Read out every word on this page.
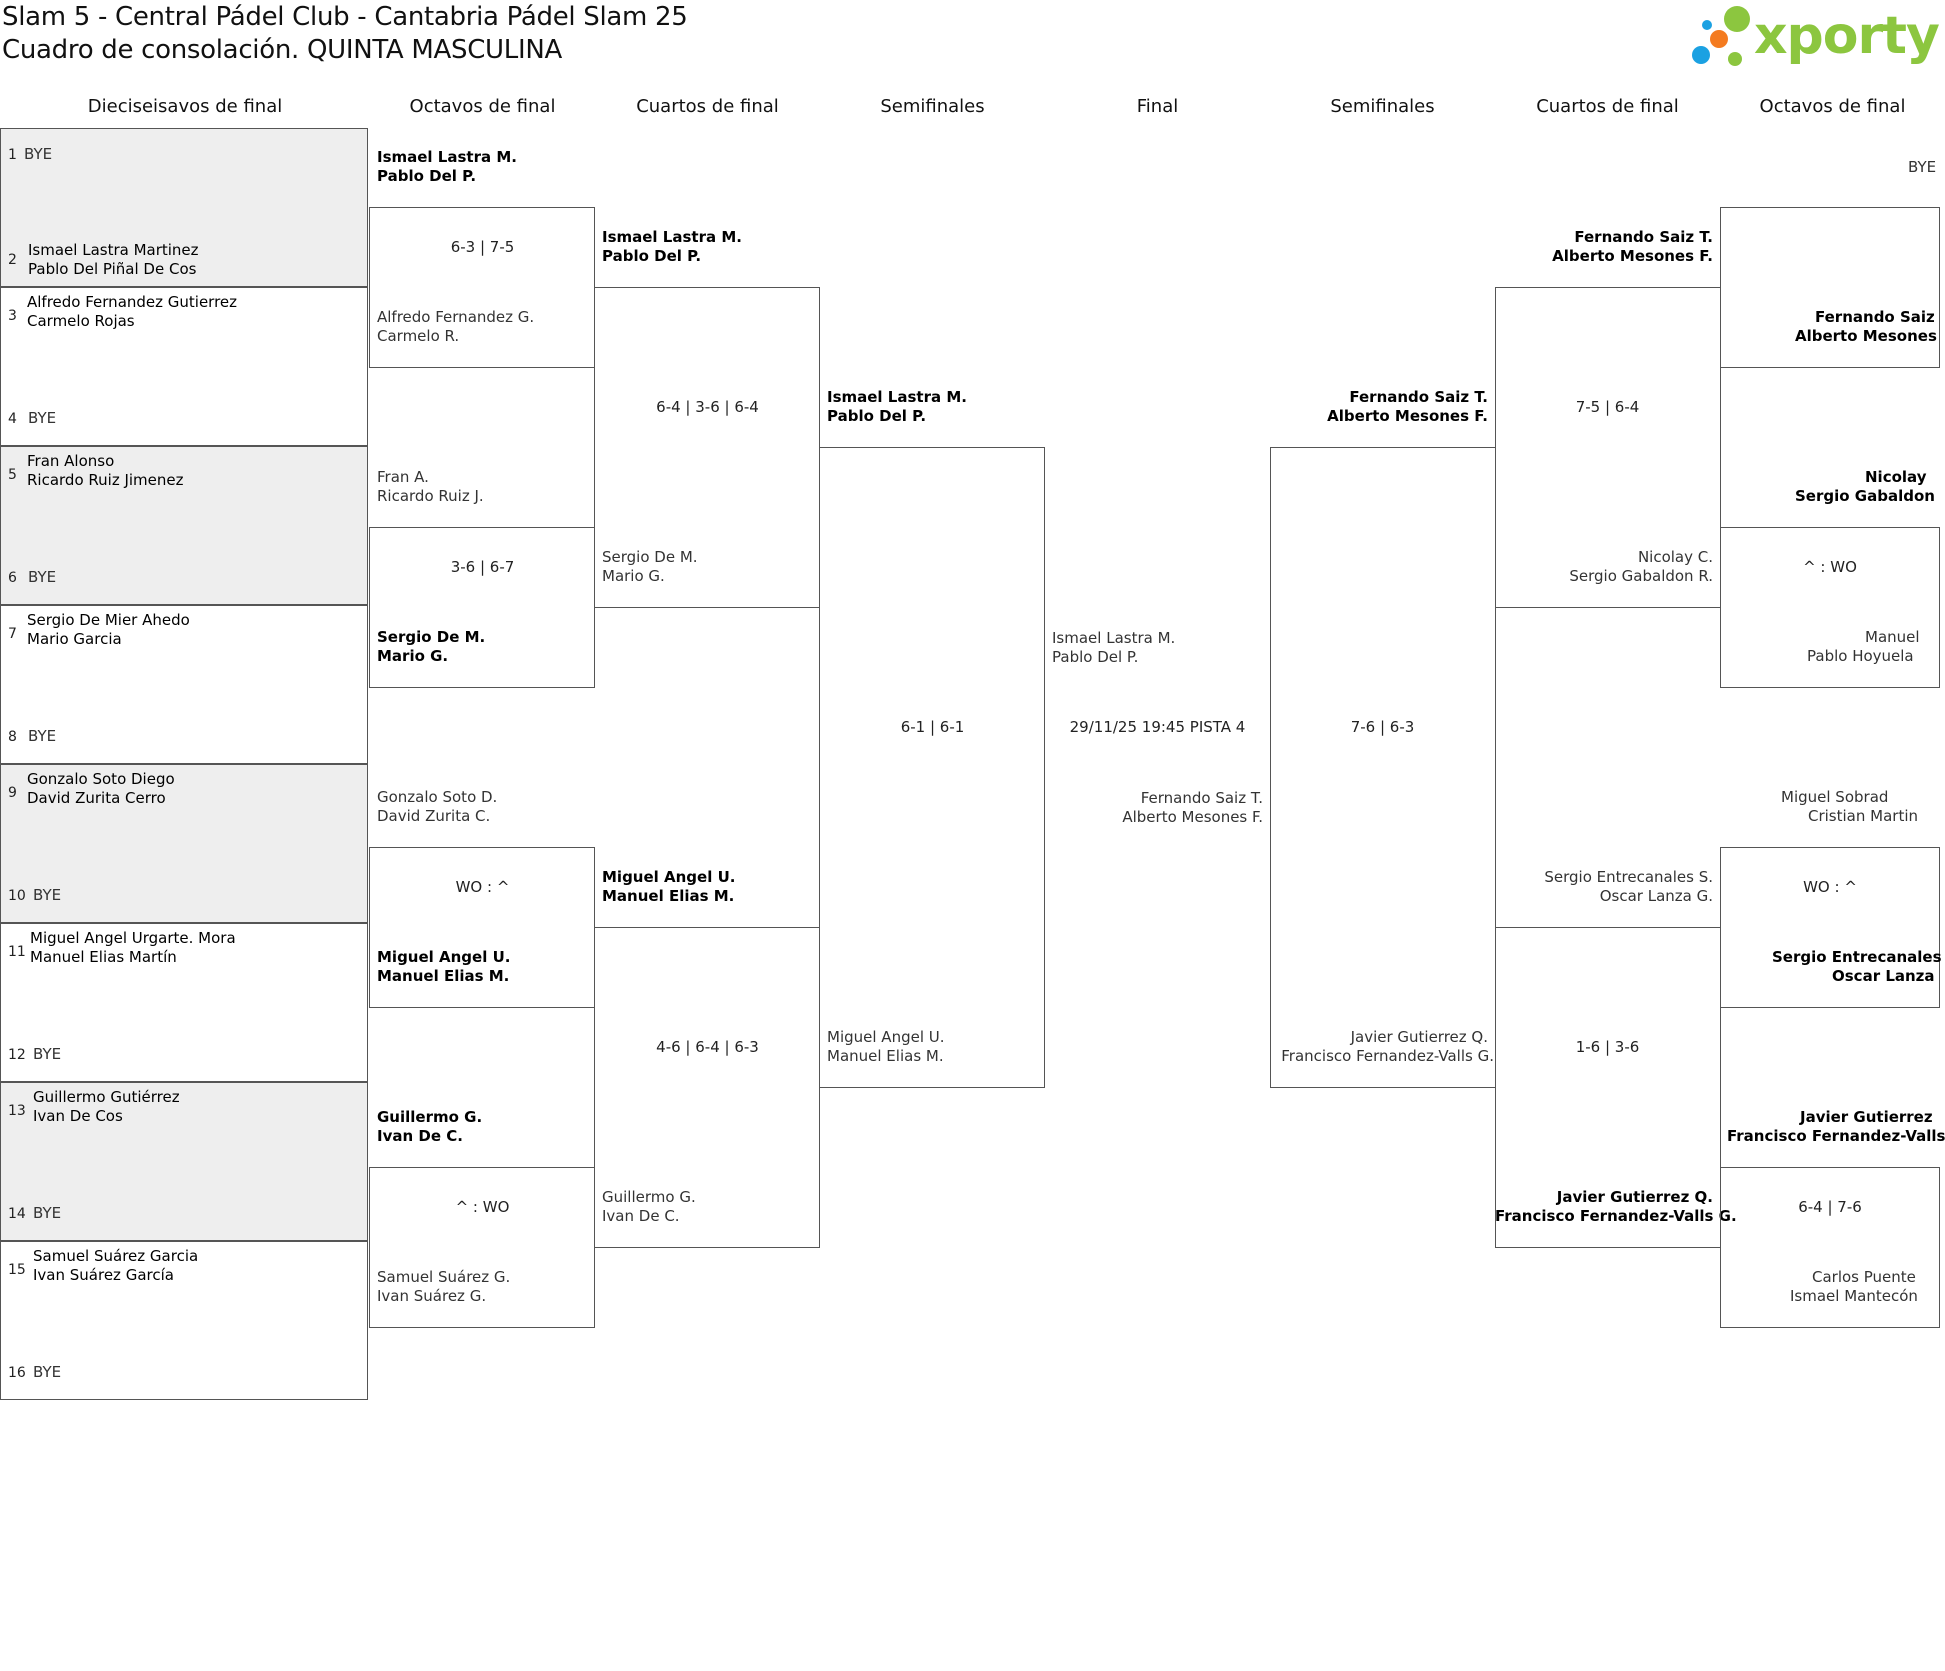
Slam 5 - Central Pádel Club - Cantabria Pádel Slam 25
Cuadro de consolación. QUINTA MASCULINA	xporty
Dieciseisavos de final	Octavos de final	Cuartos de final	Semifinales	Final	Semifinales	Cuartos de final	Octavos de final
1 BYE
2
Ismael Lastra Martinez
Pablo Del Piñal De Cos
3
Alfredo Fernandez Gutierrez
Carmelo Rojas
4 BYE
5
Fran Alonso
Ricardo Ruiz Jimenez
6 BYE
7
Sergio De Mier Ahedo
Mario Garcia
8 BYE
9
Gonzalo Soto Diego
David Zurita Cerro
10 BYE
11
Miguel Angel Urgarte. Mora
Manuel Elias Martín
12 BYE
13
Guillermo Gutiérrez
Ivan De Cos
14 BYE
15
Samuel Suárez Garcia
Ivan Suárez García
16 BYE
Ismael Lastra M.
Pablo Del P.
6-3 | 7-5
Alfredo Fernandez G.
Carmelo R.
Fran A.
Ricardo Ruiz J.
3-6 | 6-7
Sergio De M.
Mario G.
Gonzalo Soto D.
David Zurita C.
WO : ^
Miguel Angel U.
Manuel Elias M.
Guillermo G.
Ivan De C.
^ : WO
Samuel Suárez G.
Ivan Suárez G.
Ismael Lastra M.
Pablo Del P.
6-4 | 3-6 | 6-4
Sergio De M.
Mario G.
Miguel Angel U.
Manuel Elias M.
4-6 | 6-4 | 6-3
Guillermo G.
Ivan De C.
Ismael Lastra M.
Pablo Del P.
6-1 | 6-1
Miguel Angel U.
Manuel Elias M.
Ismael Lastra M.
Pablo Del P.
29/11/25 19:45 PISTA 4
Fernando Saiz T.
Alberto Mesones F.
Fernando Saiz T.
Alberto Mesones F.
7-6 | 6-3
Javier Gutierrez Q.
Francisco Fernandez-Valls G.
Fernando Saiz T.
Alberto Mesones F.
7-5 | 6-4
Nicolay C.
Sergio Gabaldon R.
Sergio Entrecanales S.
Oscar Lanza G.
1-6 | 3-6
Javier Gutierrez Q.
Francisco Fernandez-Valls G.
BYE
Fernando Saiz
Alberto Mesones
Nicolay
Sergio Gabaldon
^ : WO
Manuel
Pablo Hoyuela
Miguel Sobrad
Cristian Martin
WO : ^
Sergio Entrecanales
Oscar Lanza
Javier Gutierrez
Francisco Fernandez-Valls
6-4 | 7-6
Carlos Puente
Ismael Mantecón
